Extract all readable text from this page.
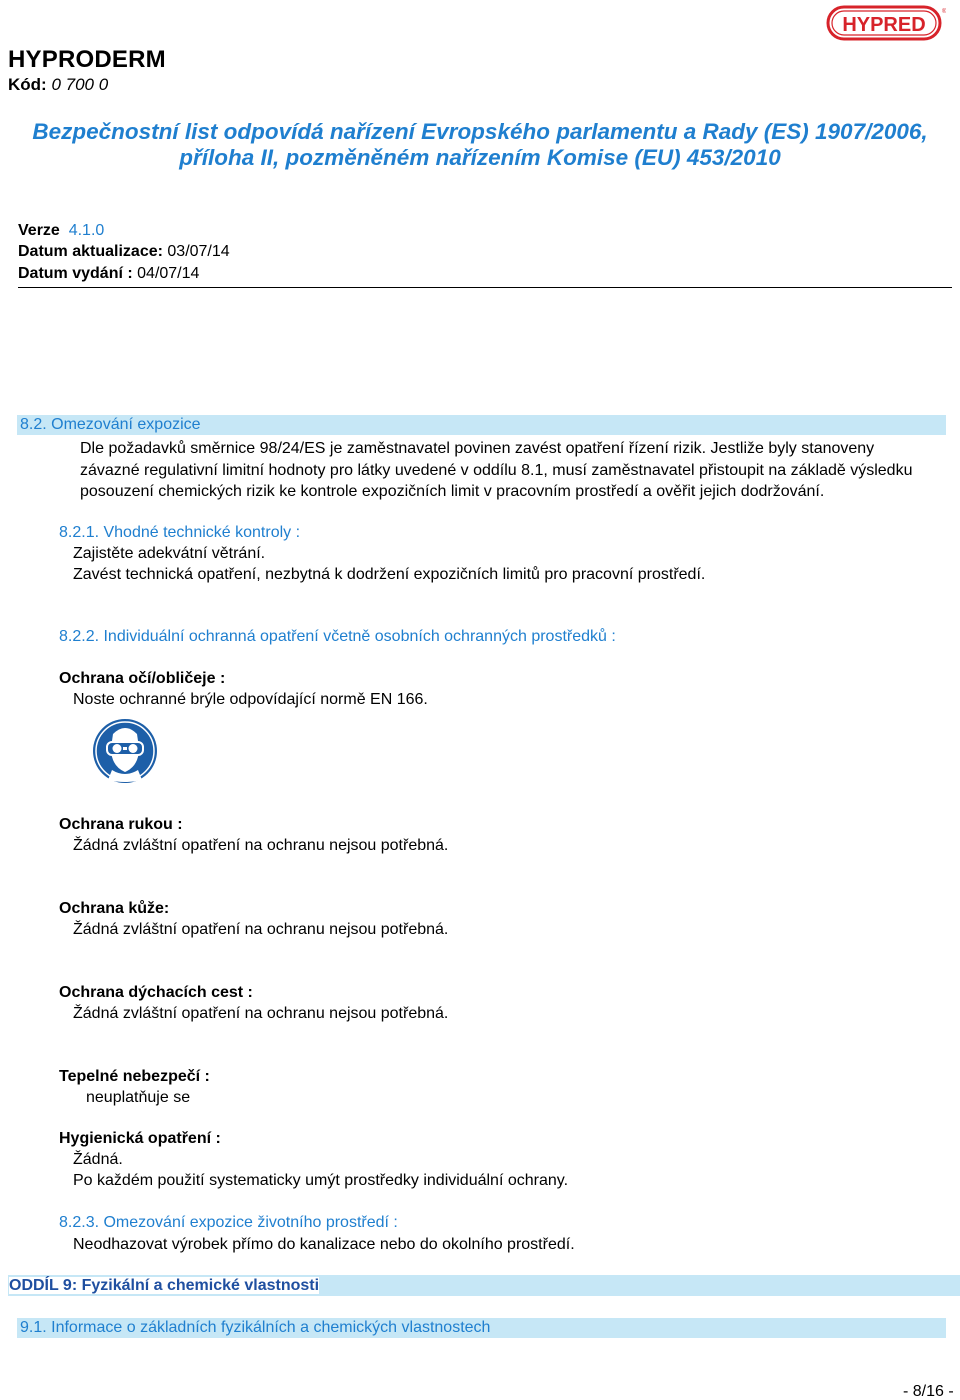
HYPRODERM
Kód: 0 700 0
HYPRED
®
Bezpečnostní list odpovídá nařízení Evropského parlamentu a Rady (ES) 1907/2006,
příloha II, pozměněném nařízením Komise (EU) 453/2010
Verze 4.1.0
Datum aktualizace: 03/07/14
Datum vydání : 04/07/14
8.2. Omezování expozice
Dle požadavků směrnice 98/24/ES je zaměstnavatel povinen zavést opatření řízení rizik. Jestliže byly stanoveny
závazné regulativní limitní hodnoty pro látky uvedené v oddílu 8.1, musí zaměstnavatel přistoupit na základě výsledku
posouzení chemických rizik ke kontrole expozičních limit v pracovním prostředí a ověřit jejich dodržování.
8.2.1. Vhodné technické kontroly :
Zajistěte adekvátní větrání.
Zavést technická opatření, nezbytná k dodržení expozičních limitů pro pracovní prostředí.
8.2.2. Individuální ochranná opatření včetně osobních ochranných prostředků :
Ochrana očí/obličeje :
Noste ochranné brýle odpovídající normě EN 166.
Ochrana rukou :
Žádná zvláštní opatření na ochranu nejsou potřebná.
Ochrana kůže:
Žádná zvláštní opatření na ochranu nejsou potřebná.
Ochrana dýchacích cest :
Žádná zvláštní opatření na ochranu nejsou potřebná.
Tepelné nebezpečí :
neuplatňuje se
Hygienická opatření :
Žádná.
Po každém použití systematicky umýt prostředky individuální ochrany.
8.2.3. Omezování expozice životního prostředí :
Neodhazovat výrobek přímo do kanalizace nebo do okolního prostředí.
ODDÍL 9: Fyzikální a chemické vlastnosti
9.1. Informace o základních fyzikálních a chemických vlastnostech
- 8/16 -
